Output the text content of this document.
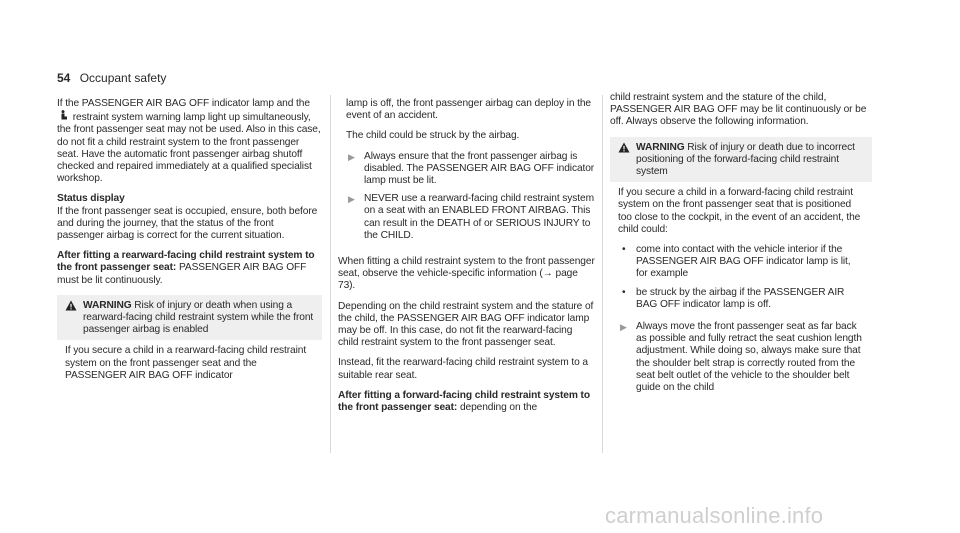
54 Occupant safety

If the PASSENGER AIR BAG OFF indicator lamp and the  restraint system warning lamp light up simultaneously, the front passenger seat may not be used. Also in this case, do not fit a child restraint system to the front passenger seat. Have the automatic front passenger airbag shutoff checked and repaired immediately at a qualified specialist workshop.

Status display

If the front passenger seat is occupied, ensure, both before and during the journey, that the status of the front passenger airbag is correct for the current situation.

After fitting a rearward-facing child restraint system to the front passenger seat: PASSENGER AIR BAG OFF must be lit continuously.

WARNING Risk of injury or death when using a rearward-facing child restraint system while the front passenger airbag is enabled
If you secure a child in a rearward-facing child restraint system on the front passenger seat and the PASSENGER AIR BAG OFF indicator

lamp is off, the front passenger airbag can deploy in the event of an accident.

The child could be struck by the airbag.

▶ Always ensure that the front passenger airbag is disabled. The PASSENGER AIR BAG OFF indicator lamp must be lit.
▶ NEVER use a rearward-facing child restraint system on a seat with an ENABLED FRONT AIRBAG. This can result in the DEATH of or SERIOUS INJURY to the CHILD.

When fitting a child restraint system to the front passenger seat, observe the vehicle-specific information (→ page 73).

Depending on the child restraint system and the stature of the child, the PASSENGER AIR BAG OFF indicator lamp may be off. In this case, do not fit the rearward-facing child restraint system to the front passenger seat.

Instead, fit the rearward-facing child restraint system to a suitable rear seat.

After fitting a forward-facing child restraint system to the front passenger seat: depending on the

child restraint system and the stature of the child, PASSENGER AIR BAG OFF may be lit continuously or be off. Always observe the following information.

WARNING Risk of injury or death due to incorrect positioning of the forward-facing child restraint system

If you secure a child in a forward-facing child restraint system on the front passenger seat that is positioned too close to the cockpit, in the event of an accident, the child could:

•	come into contact with the vehicle interior if the PASSENGER AIR BAG OFF indicator lamp is lit, for example
•	be struck by the airbag if the PASSENGER AIR BAG OFF indicator lamp is off.
▶ Always move the front passenger seat as far back as possible and fully retract the seat cushion length adjustment. While doing so, always make sure that the shoulder belt strap is correctly routed from the seat belt outlet of the vehicle to the shoulder belt guide on the child
carmanualsonline.info
